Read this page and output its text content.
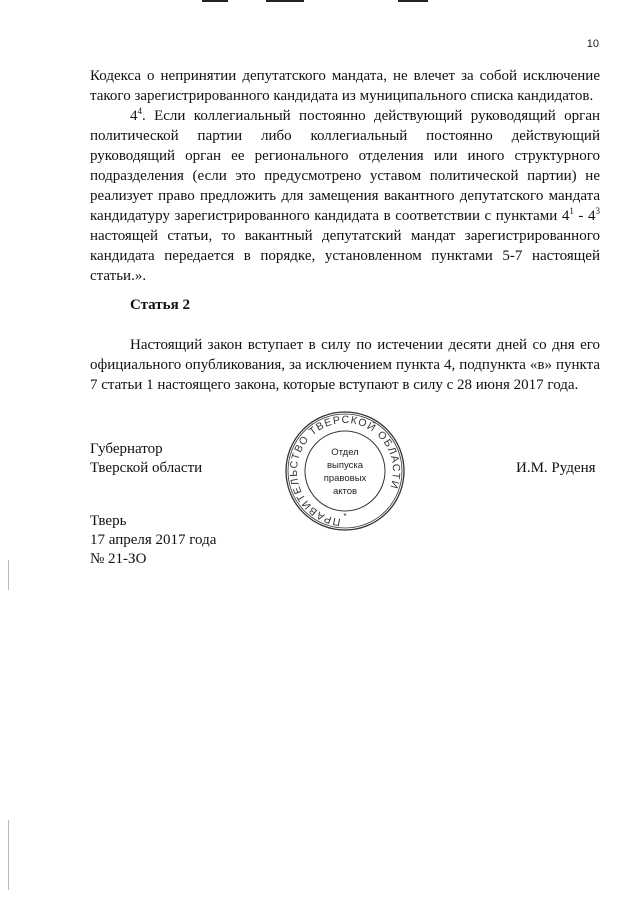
10

Кодекса о непринятии депутатского мандата, не влечет за собой исключение такого зарегистрированного кандидата из муниципального списка кандидатов.

$4^4$. Если коллегиальный постоянно действующий руководящий орган политической партии либо коллегиальный постоянно действующий руководящий орган ее регионального отделения или иного структурного подразделения (если это предусмотрено уставом политической партии) не реализует право предложить для замещения вакантного депутатского мандата кандидатуру зарегистрированного кандидата в соответствии с пунктами $4^1 - 4^3$ настоящей статьи, то вакантный депутатский мандат зарегистрированного кандидата передается в порядке, установленном пунктами 5-7 настоящей статьи.».

Статья 2

Настоящий закон вступает в силу по истечении десяти дней со дня его официального опубликования, за исключением пункта 4, подпункта «в» пункта 7 статьи 1 настоящего закона, которые вступают в силу с 28 июня 2017 года.

Губернатор
Тверской области
ПРАВИТЕЛЬСТВО ТВЕРСКОЙ ОБЛАСТИ
*
Отдел
выпуска
правовых
актов
И.М. Руденя
Тверь
17 апреля 2017 года
№ 21-ЗО
